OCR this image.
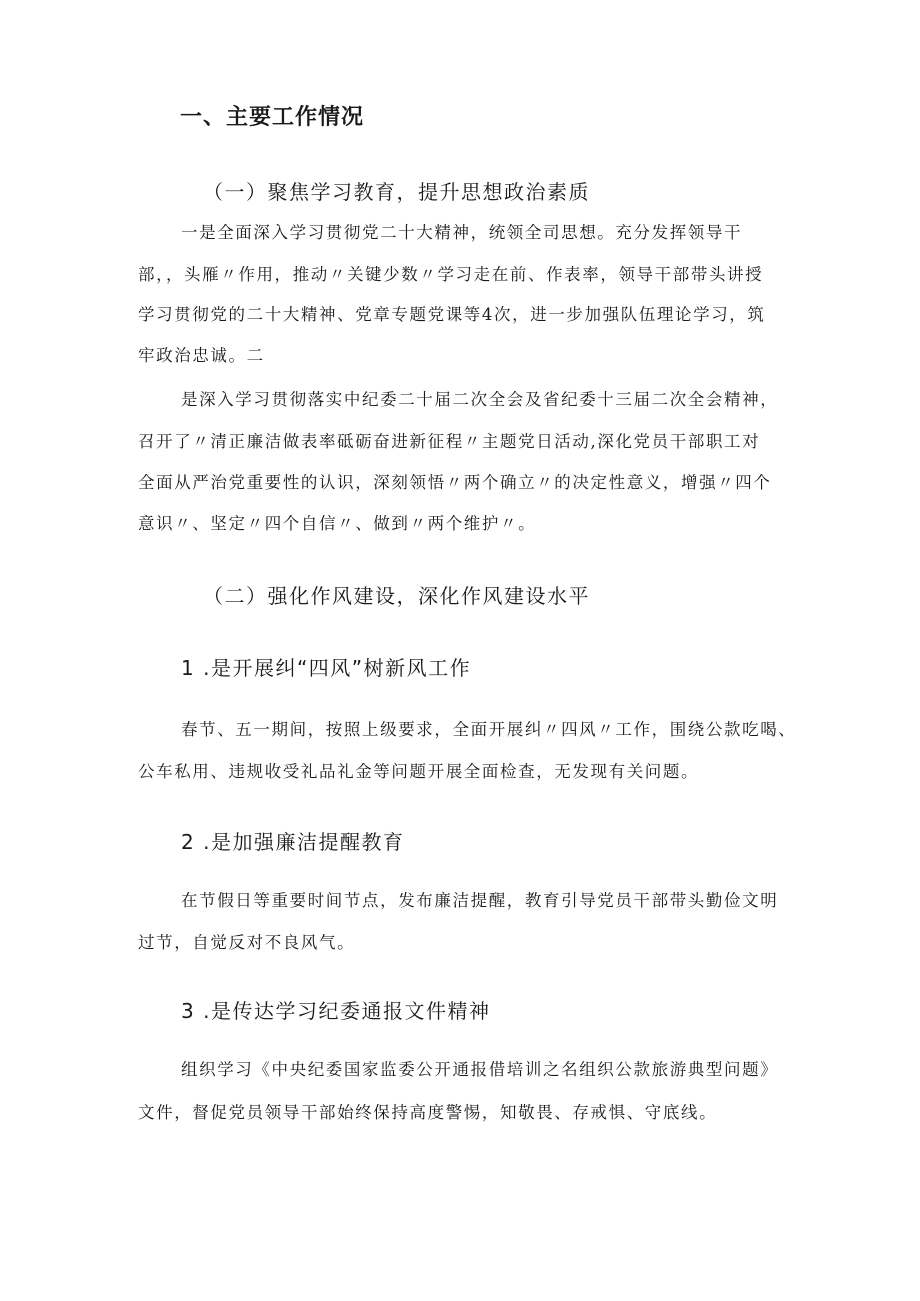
一、主要工作情况
（一）聚焦学习教育，提升思想政治素质
一是全面深入学习贯彻党二十大精神，统领全司思想。充分发挥领导干
部，，头雁〃作用，推动〃关键少数〃学习走在前、作表率，领导干部带头讲授
学习贯彻党的二十大精神、党章专题党课等4次，进一步加强队伍理论学习，筑
牢政治忠诚。二
是深入学习贯彻落实中纪委二十届二次全会及省纪委十三届二次全会精神，
召开了〃清正廉洁做表率砥砺奋进新征程〃主题党日活动,深化党员干部职工对
全面从严治党重要性的认识，深刻领悟〃两个确立〃的决定性意义，增强〃四个
意识〃、坚定〃四个自信〃、做到〃两个维护〃。
（二）强化作风建设，深化作风建设水平
1 .是开展纠“四风”树新风工作
春节、五一期间，按照上级要求，全面开展纠〃四风〃工作，围绕公款吃喝、
公车私用、违规收受礼品礼金等问题开展全面检查，无发现有关问题。
2 .是加强廉洁提醒教育
在节假日等重要时间节点，发布廉洁提醒，教育引导党员干部带头勤俭文明
过节，自觉反对不良风气。
3 .是传达学习纪委通报文件精神
组织学习《中央纪委国家监委公开通报借培训之名组织公款旅游典型问题》
文件，督促党员领导干部始终保持高度警惕，知敬畏、存戒惧、守底线。
